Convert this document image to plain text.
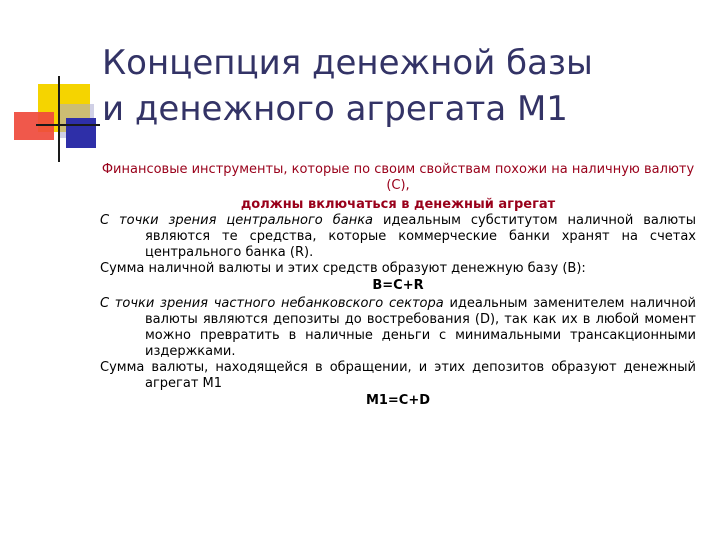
Концепция денежной базы
и денежного агрегата М1

Финансовые инструменты, которые по своим свойствам похожи на наличную валюту (С),

должны включаться в денежный агрегат

С точки зрения центрального банка идеальным субститутом наличной валюты являются те средства, которые коммерческие банки хранят на счетах центрального банка (R).

Сумма наличной валюты и этих средств образуют денежную базу (В):

В=С+R

С точки зрения частного небанковского сектора идеальным заменителем наличной валюты являются депозиты до востребования (D), так как их в любой момент можно превратить в наличные деньги с минимальными трансакционными издержками.

Сумма валюты, находящейся в обращении, и этих депозитов образуют денежный агрегат М1

М1=С+D
